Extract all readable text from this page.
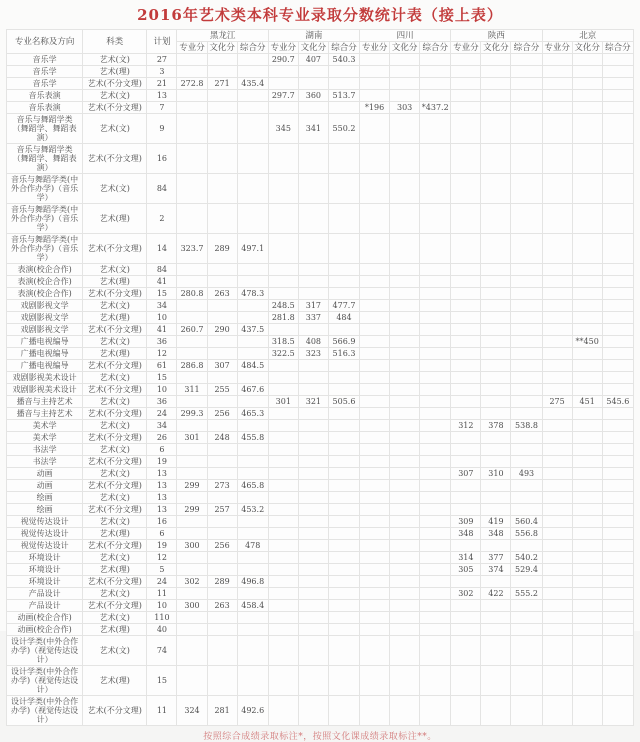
2016年艺术类本科专业录取分数统计表（接上表）
专业名称及方向	科类	计划	黑龙江			湖南			四川			陕西			北京		
			专业分	文化分	综合分	专业分	文化分	综合分	专业分	文化分	综合分	专业分	文化分	综合分	专业分	文化分	综合分
音乐学	艺术(文)	27				290.7	407	540.3									
音乐学	艺术(理)	3															
音乐学	艺术(不分文理)	21	272.8	271	435.4												
音乐表演	艺术(文)	13				297.7	360	513.7									
音乐表演	艺术(不分文理)	7							*196	303	*437.2						
音乐与舞蹈学类（舞蹈学、舞蹈表演）	艺术(文)	9				345	341	550.2									
音乐与舞蹈学类（舞蹈学、舞蹈表演）	艺术(不分文理)	16															
音乐与舞蹈学类(中外合作办学)（音乐学）	艺术(文)	84															
音乐与舞蹈学类(中外合作办学)（音乐学）	艺术(理)	2															
音乐与舞蹈学类(中外合作办学)（音乐学）	艺术(不分文理)	14	323.7	289	497.1												
表演(校企合作)	艺术(文)	84															
表演(校企合作)	艺术(理)	41															
表演(校企合作)	艺术(不分文理)	15	280.8	263	478.3												
戏剧影视文学	艺术(文)	34				248.5	317	477.7									
戏剧影视文学	艺术(理)	10				281.8	337	484									
戏剧影视文学	艺术(不分文理)	41	260.7	290	437.5												
广播电视编导	艺术(文)	36				318.5	408	566.9								**450	
广播电视编导	艺术(理)	12				322.5	323	516.3									
广播电视编导	艺术(不分文理)	61	286.8	307	484.5												
戏剧影视美术设计	艺术(文)	15															
戏剧影视美术设计	艺术(不分文理)	10	311	255	467.6												
播音与主持艺术	艺术(文)	36				301	321	505.6							275	451	545.6
播音与主持艺术	艺术(不分文理)	24	299.3	256	465.3												
美术学	艺术(文)	34										312	378	538.8			
美术学	艺术(不分文理)	26	301	248	455.8												
书法学	艺术(文)	6															
书法学	艺术(不分文理)	19															
动画	艺术(文)	13										307	310	493			
动画	艺术(不分文理)	13	299	273	465.8												
绘画	艺术(文)	13															
绘画	艺术(不分文理)	13	299	257	453.2												
视觉传达设计	艺术(文)	16										309	419	560.4			
视觉传达设计	艺术(理)	6										348	348	556.8			
视觉传达设计	艺术(不分文理)	19	300	256	478												
环境设计	艺术(文)	12										314	377	540.2			
环境设计	艺术(理)	5										305	374	529.4			
环境设计	艺术(不分文理)	24	302	289	496.8												
产品设计	艺术(文)	11										302	422	555.2			
产品设计	艺术(不分文理)	10	300	263	458.4												
动画(校企合作)	艺术(文)	110															
动画(校企合作)	艺术(理)	40															
设计学类(中外合作办学)（视觉传达设计）	艺术(文)	74															
设计学类(中外合作办学)（视觉传达设计）	艺术(理)	15															
设计学类(中外合作办学)（视觉传达设计）	艺术(不分文理)	11	324	281	492.6												

按照综合成绩录取标注*，按照文化课成绩录取标注**。
